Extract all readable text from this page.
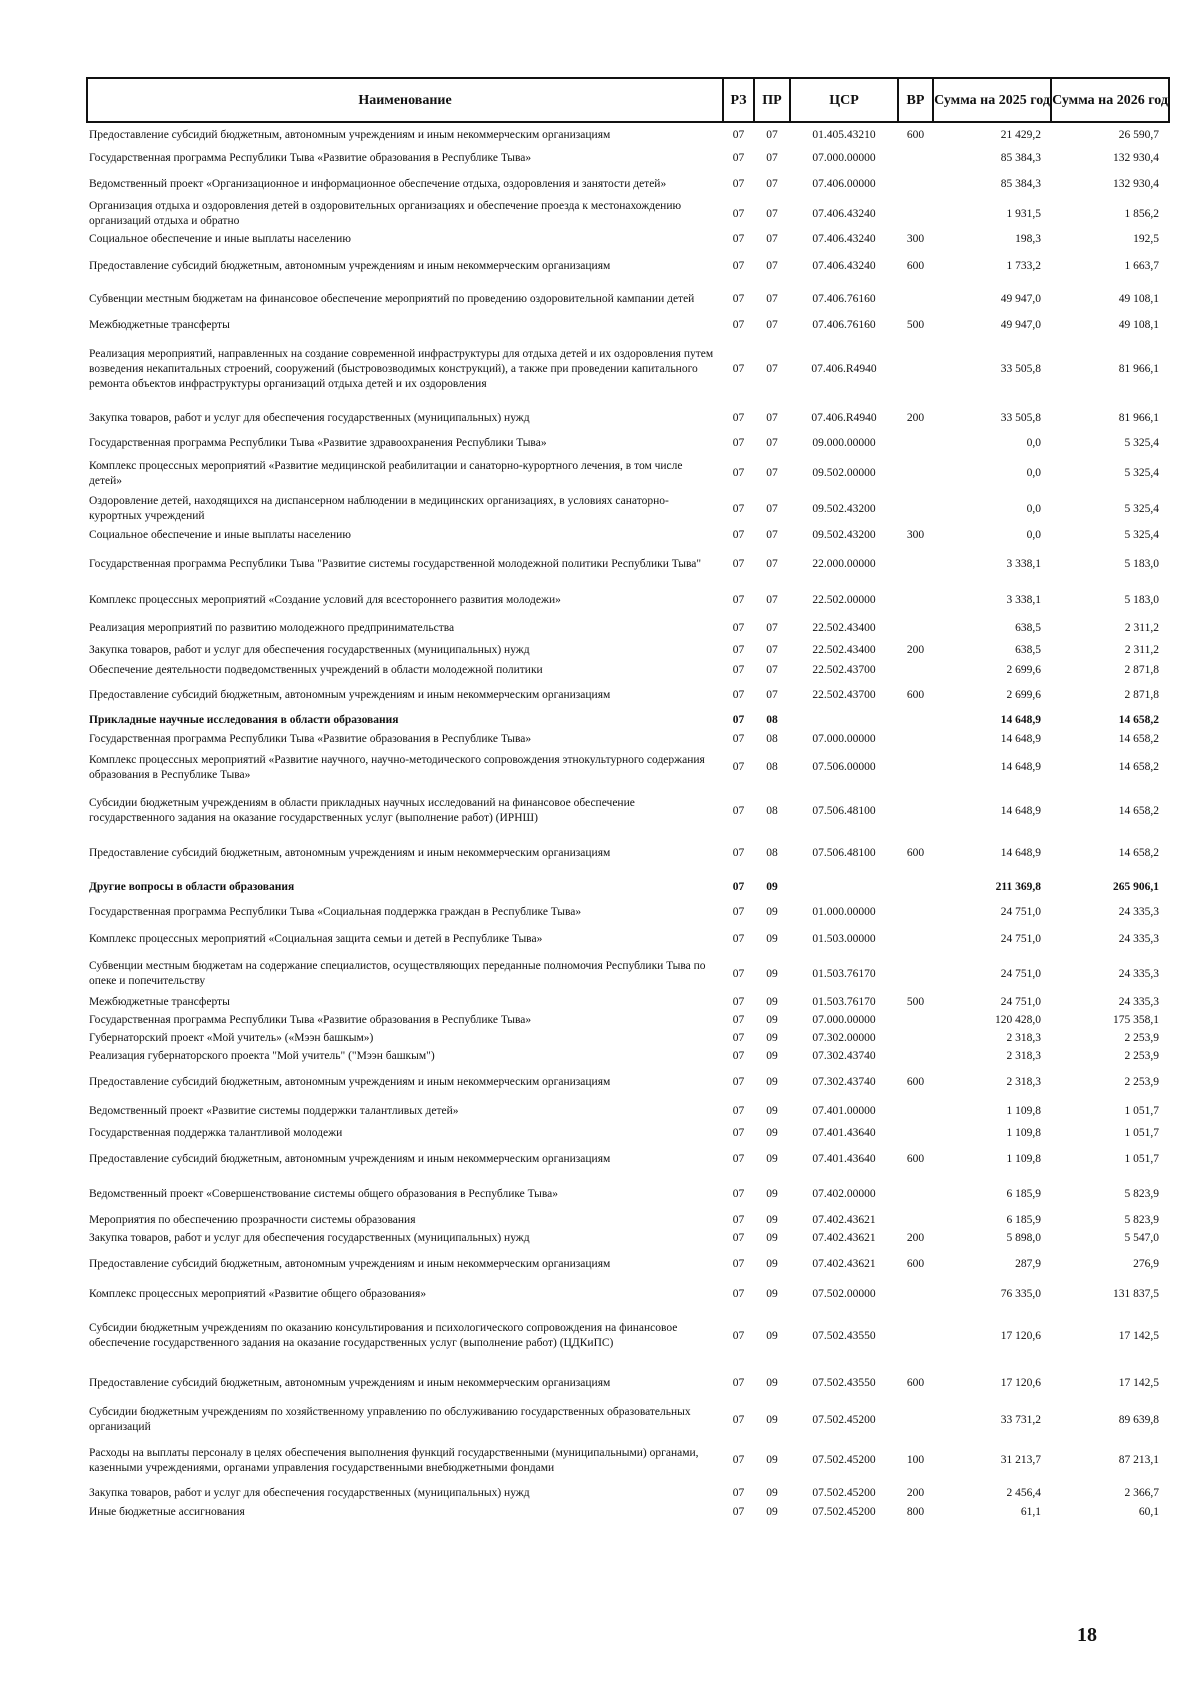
Наименование	РЗ	ПР	ЦСР	ВР	Сумма на 2025 год	Сумма на 2026 год
Предоставление субсидий бюджетным, автономным учреждениям и иным некоммерческим организациям	07	07	01.405.43210	600	21 429,2	26 590,7
Государственная программа Республики Тыва «Развитие образования в Республике Тыва»	07	07	07.000.00000		85 384,3	132 930,4
Ведомственный проект «Организационное и информационное обеспечение отдыха, оздоровления и занятости детей»	07	07	07.406.00000		85 384,3	132 930,4
Организация отдыха и оздоровления детей в оздоровительных организациях и обеспечение проезда к местонахождению организаций отдыха и обратно	07	07	07.406.43240		1 931,5	1 856,2
Социальное обеспечение и иные выплаты населению	07	07	07.406.43240	300	198,3	192,5
Предоставление субсидий бюджетным, автономным учреждениям и иным некоммерческим организациям	07	07	07.406.43240	600	1 733,2	1 663,7
Субвенции местным бюджетам на финансовое обеспечение мероприятий по проведению оздоровительной кампании детей	07	07	07.406.76160		49 947,0	49 108,1
Межбюджетные трансферты	07	07	07.406.76160	500	49 947,0	49 108,1
Реализация мероприятий, направленных на создание современной инфраструктуры для отдыха детей и их оздоровления путем возведения некапитальных строений, сооружений (быстровозводимых конструкций), а также при проведении капитального ремонта объектов инфраструктуры организаций отдыха детей и их оздоровления	07	07	07.406.R4940		33 505,8	81 966,1
Закупка товаров, работ и услуг для обеспечения государственных (муниципальных) нужд	07	07	07.406.R4940	200	33 505,8	81 966,1
Государственная программа Республики Тыва «Развитие здравоохранения Республики Тыва»	07	07	09.000.00000		0,0	5 325,4
Комплекс процессных мероприятий «Развитие медицинской реабилитации и санаторно-курортного лечения, в том числе детей»	07	07	09.502.00000		0,0	5 325,4
Оздоровление детей, находящихся на диспансерном наблюдении в медицинских организациях, в условиях санаторно-курортных учреждений	07	07	09.502.43200		0,0	5 325,4
Социальное обеспечение и иные выплаты населению	07	07	09.502.43200	300	0,0	5 325,4
Государственная программа Республики Тыва "Развитие системы государственной молодежной политики Республики Тыва"	07	07	22.000.00000		3 338,1	5 183,0
Комплекс процессных мероприятий «Создание условий для всестороннего развития молодежи»	07	07	22.502.00000		3 338,1	5 183,0
Реализация мероприятий по развитию молодежного предпринимательства	07	07	22.502.43400		638,5	2 311,2
Закупка товаров, работ и услуг для обеспечения государственных (муниципальных) нужд	07	07	22.502.43400	200	638,5	2 311,2
Обеспечение деятельности подведомственных учреждений в области молодежной политики	07	07	22.502.43700		2 699,6	2 871,8
Предоставление субсидий бюджетным, автономным учреждениям и иным некоммерческим организациям	07	07	22.502.43700	600	2 699,6	2 871,8
Прикладные научные исследования в области образования	07	08			14 648,9	14 658,2
Государственная программа Республики Тыва «Развитие образования в Республике Тыва»	07	08	07.000.00000		14 648,9	14 658,2
Комплекс процессных мероприятий «Развитие научного, научно-методического сопровождения этнокультурного содержания образования в Республике Тыва»	07	08	07.506.00000		14 648,9	14 658,2
Субсидии бюджетным учреждениям в области прикладных научных исследований на финансовое обеспечение государственного задания на оказание государственных услуг (выполнение работ) (ИРНШ)	07	08	07.506.48100		14 648,9	14 658,2
Предоставление субсидий бюджетным, автономным учреждениям и иным некоммерческим организациям	07	08	07.506.48100	600	14 648,9	14 658,2
Другие вопросы в области образования	07	09			211 369,8	265 906,1
Государственная программа Республики Тыва «Социальная поддержка граждан в Республике Тыва»	07	09	01.000.00000		24 751,0	24 335,3
Комплекс процессных мероприятий «Социальная защита семьи и детей в Республике Тыва»	07	09	01.503.00000		24 751,0	24 335,3
Субвенции местным бюджетам на содержание специалистов, осуществляющих переданные полномочия Республики Тыва по опеке и попечительству	07	09	01.503.76170		24 751,0	24 335,3
Межбюджетные трансферты	07	09	01.503.76170	500	24 751,0	24 335,3
Государственная программа Республики Тыва «Развитие образования в Республике Тыва»	07	09	07.000.00000		120 428,0	175 358,1
Губернаторский проект «Мой учитель» («Мээн башкым»)	07	09	07.302.00000		2 318,3	2 253,9
Реализация губернаторского проекта "Мой учитель" ("Мээн башкым")	07	09	07.302.43740		2 318,3	2 253,9
Предоставление субсидий бюджетным, автономным учреждениям и иным некоммерческим организациям	07	09	07.302.43740	600	2 318,3	2 253,9
Ведомственный проект «Развитие системы поддержки талантливых детей»	07	09	07.401.00000		1 109,8	1 051,7
Государственная поддержка талантливой молодежи	07	09	07.401.43640		1 109,8	1 051,7
Предоставление субсидий бюджетным, автономным учреждениям и иным некоммерческим организациям	07	09	07.401.43640	600	1 109,8	1 051,7
Ведомственный проект «Совершенствование системы общего образования в Республике Тыва»	07	09	07.402.00000		6 185,9	5 823,9
Мероприятия по обеспечению прозрачности системы образования	07	09	07.402.43621		6 185,9	5 823,9
Закупка товаров, работ и услуг для обеспечения государственных (муниципальных) нужд	07	09	07.402.43621	200	5 898,0	5 547,0
Предоставление субсидий бюджетным, автономным учреждениям и иным некоммерческим организациям	07	09	07.402.43621	600	287,9	276,9
Комплекс процессных мероприятий «Развитие общего образования»	07	09	07.502.00000		76 335,0	131 837,5
Субсидии бюджетным учреждениям по оказанию консультирования и психологического сопровождения на финансовое обеспечение государственного задания на оказание государственных услуг (выполнение работ) (ЦДКиПС)	07	09	07.502.43550		17 120,6	17 142,5
Предоставление субсидий бюджетным, автономным учреждениям и иным некоммерческим организациям	07	09	07.502.43550	600	17 120,6	17 142,5
Субсидии бюджетным учреждениям по хозяйственному управлению по обслуживанию государственных образовательных организаций	07	09	07.502.45200		33 731,2	89 639,8
Расходы на выплаты персоналу в целях обеспечения выполнения функций государственными (муниципальными) органами, казенными учреждениями, органами управления государственными внебюджетными фондами	07	09	07.502.45200	100	31 213,7	87 213,1
Закупка товаров, работ и услуг для обеспечения государственных (муниципальных) нужд	07	09	07.502.45200	200	2 456,4	2 366,7
Иные бюджетные ассигнования	07	09	07.502.45200	800	61,1	60,1
18
